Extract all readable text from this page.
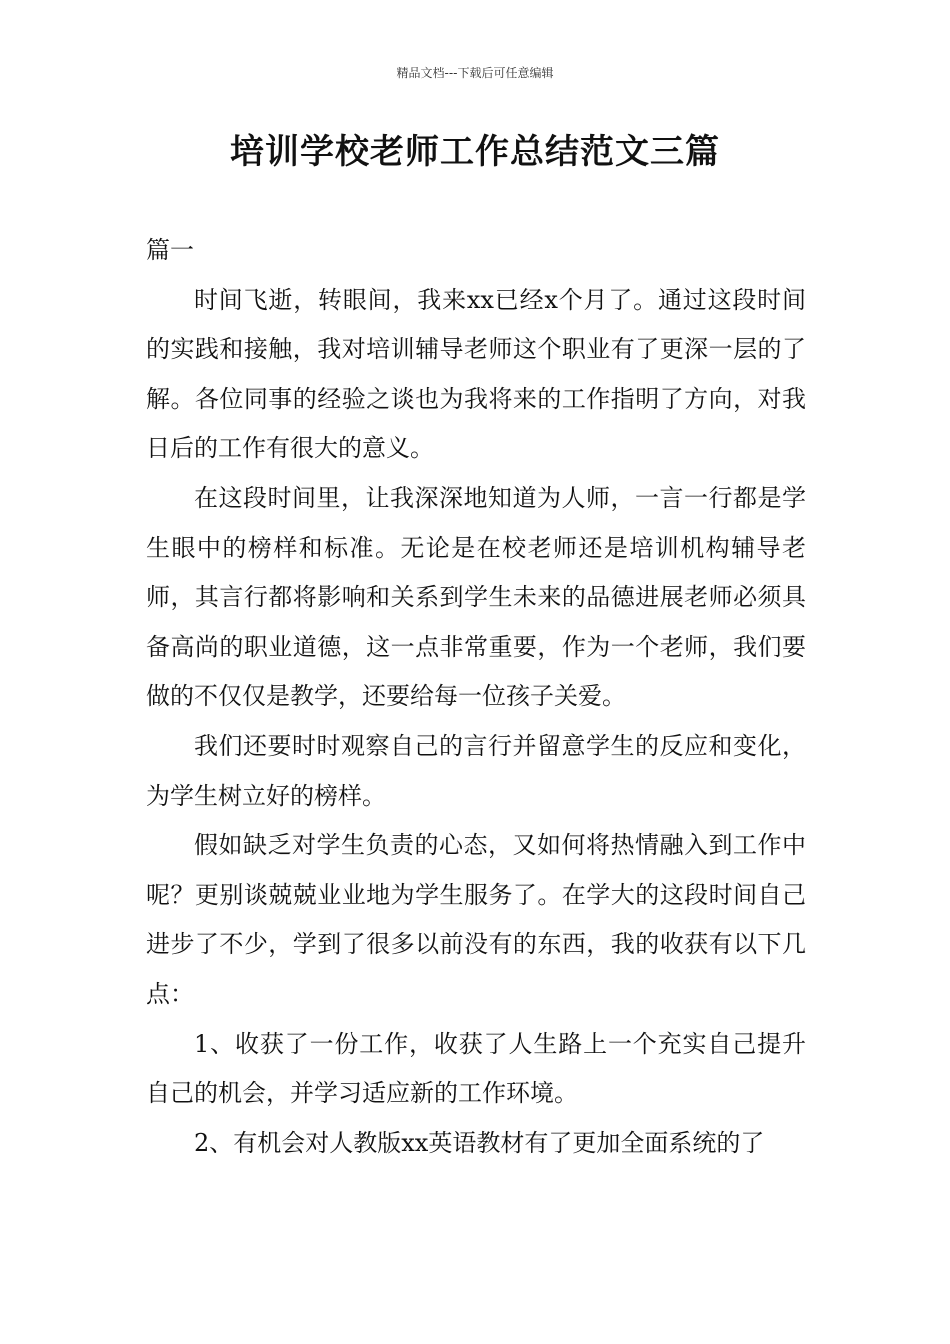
精品文档---下载后可任意编辑
培训学校老师工作总结范文三篇

篇一

时间飞逝，转眼间，我来xx已经x个月了。通过这段时间的实践和接触，我对培训辅导老师这个职业有了更深一层的了解。各位同事的经验之谈也为我将来的工作指明了方向，对我日后的工作有很大的意义。

在这段时间里，让我深深地知道为人师，一言一行都是学生眼中的榜样和标准。无论是在校老师还是培训机构辅导老师，其言行都将影响和关系到学生未来的品德进展老师必须具备高尚的职业道德，这一点非常重要，作为一个老师，我们要做的不仅仅是教学，还要给每一位孩子关爱。

我们还要时时观察自己的言行并留意学生的反应和变化，为学生树立好的榜样。

假如缺乏对学生负责的心态，又如何将热情融入到工作中呢？更别谈兢兢业业地为学生服务了。在学大的这段时间自己进步了不少，学到了很多以前没有的东西，我的收获有以下几点：

1、收获了一份工作，收获了人生路上一个充实自己提升自己的机会，并学习适应新的工作环境。

2、有机会对人教版xx英语教材有了更加全面系统的了
